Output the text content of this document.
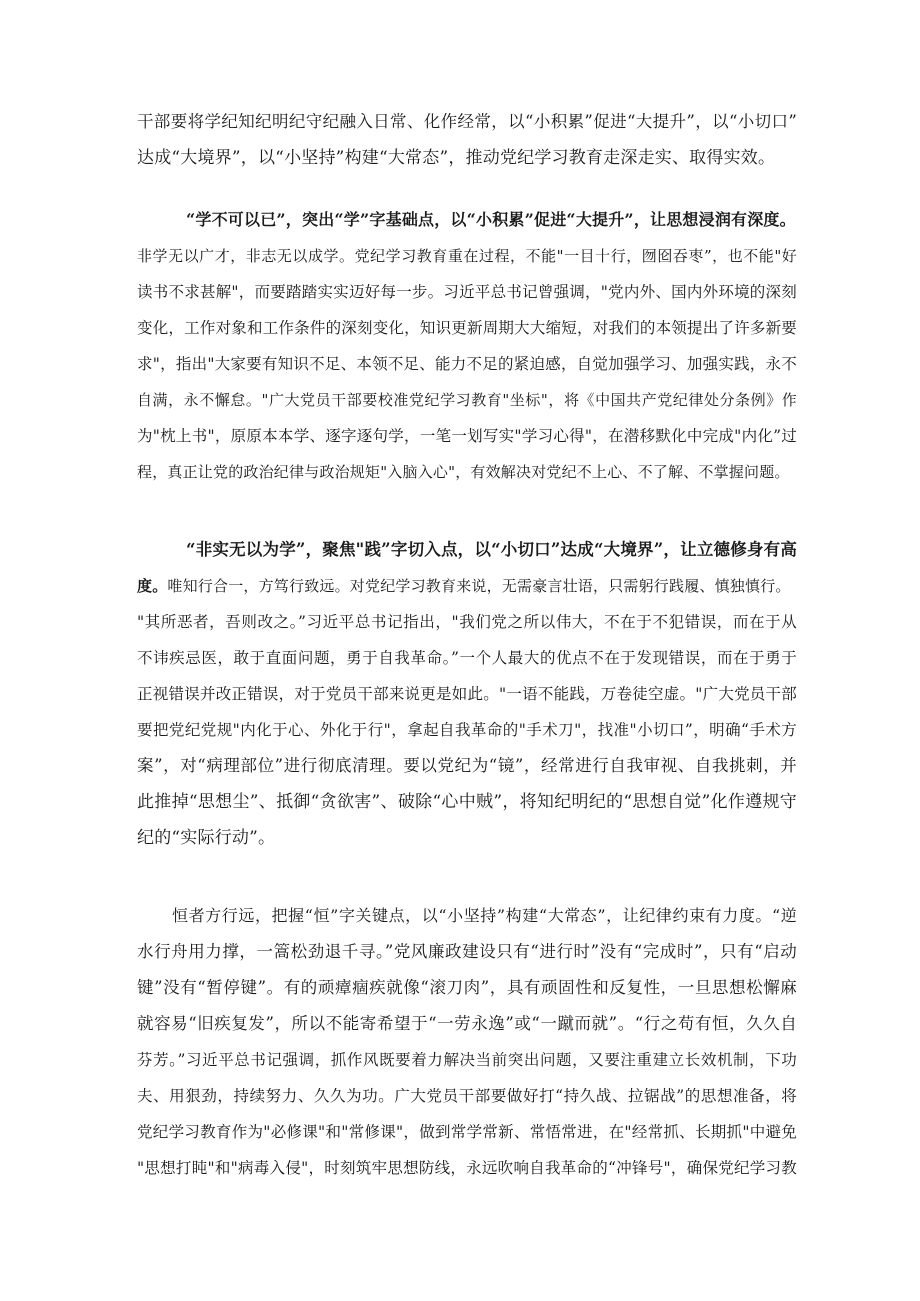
干部要将学纪知纪明纪守纪融入日常、化作经常，以“小积累”促进“大提升”，以“小切口”
达成“大境界”，以“小坚持”构建“大常态”，推动党纪学习教育走深走实、取得实效。
“学不可以已”，突出“学”字基础点，以“小积累”促进“大提升”，让思想浸润有深度。
非学无以广才，非志无以成学。党纪学习教育重在过程，不能"一目十行，囫囵吞枣”，也不能"好
读书不求甚解"，而要踏踏实实迈好每一步。习近平总书记曾强调，"党内外、国内外环境的深刻
变化，工作对象和工作条件的深刻变化，知识更新周期大大缩短，对我们的本领提出了许多新要
求"，指出"大家要有知识不足、本领不足、能力不足的紧迫感，自觉加强学习、加强实践，永不
自满，永不懈怠。"广大党员干部要校准党纪学习教育"坐标"，将《中国共产党纪律处分条例》作
为"枕上书"，原原本本学、逐字逐句学，一笔一划写实"学习心得"，在潜移默化中完成"内化”过
程，真正让党的政治纪律与政治规矩"入脑入心"，有效解决对党纪不上心、不了解、不掌握问题。
“非实无以为学”，聚焦"践”字切入点，以“小切口”达成“大境界”，让立德修身有高
度。唯知行合一，方笃行致远。对党纪学习教育来说，无需豪言壮语，只需躬行践履、慎独慎行。
"其所恶者，吾则改之。”习近平总书记指出，"我们党之所以伟大，不在于不犯错误，而在于从
不讳疾忌医，敢于直面问题，勇于自我革命。”一个人最大的优点不在于发现错误，而在于勇于
正视错误并改正错误，对于党员干部来说更是如此。"一语不能践，万卷徒空虚。"广大党员干部
要把党纪党规"内化于心、外化于行"，拿起自我革命的"手术刀"，找准"小切口”，明确“手术方
案”，对“病理部位”进行彻底清理。要以党纪为“镜”，经常进行自我审视、自我挑刺，并
此推掉“思想尘”、抵御“贪欲害”、破除“心中贼”，将知纪明纪的“思想自觉”化作遵规守
纪的“实际行动”。
恒者方行远，把握“恒”字关键点，以“小坚持”构建“大常态”，让纪律约束有力度。“逆
水行舟用力撑，一篙松劲退千寻。”党风廉政建设只有“进行时”没有“完成时”，只有“启动
键”没有“暂停键”。有的顽瘴痼疾就像“滚刀肉”，具有顽固性和反复性，一旦思想松懈麻
就容易“旧疾复发”，所以不能寄希望于“一劳永逸”或“一蹴而就”。“行之苟有恒，久久自
芬芳。”习近平总书记强调，抓作风既要着力解决当前突出问题，又要注重建立长效机制，下功
夫、用狠劲，持续努力、久久为功。广大党员干部要做好打“持久战、拉锯战”的思想准备，将
党纪学习教育作为"必修课"和"常修课"，做到常学常新、常悟常进，在"经常抓、长期抓"中避免
"思想打盹"和"病毒入侵"，时刻筑牢思想防线，永远吹响自我革命的“冲锋号"，确保党纪学习教
